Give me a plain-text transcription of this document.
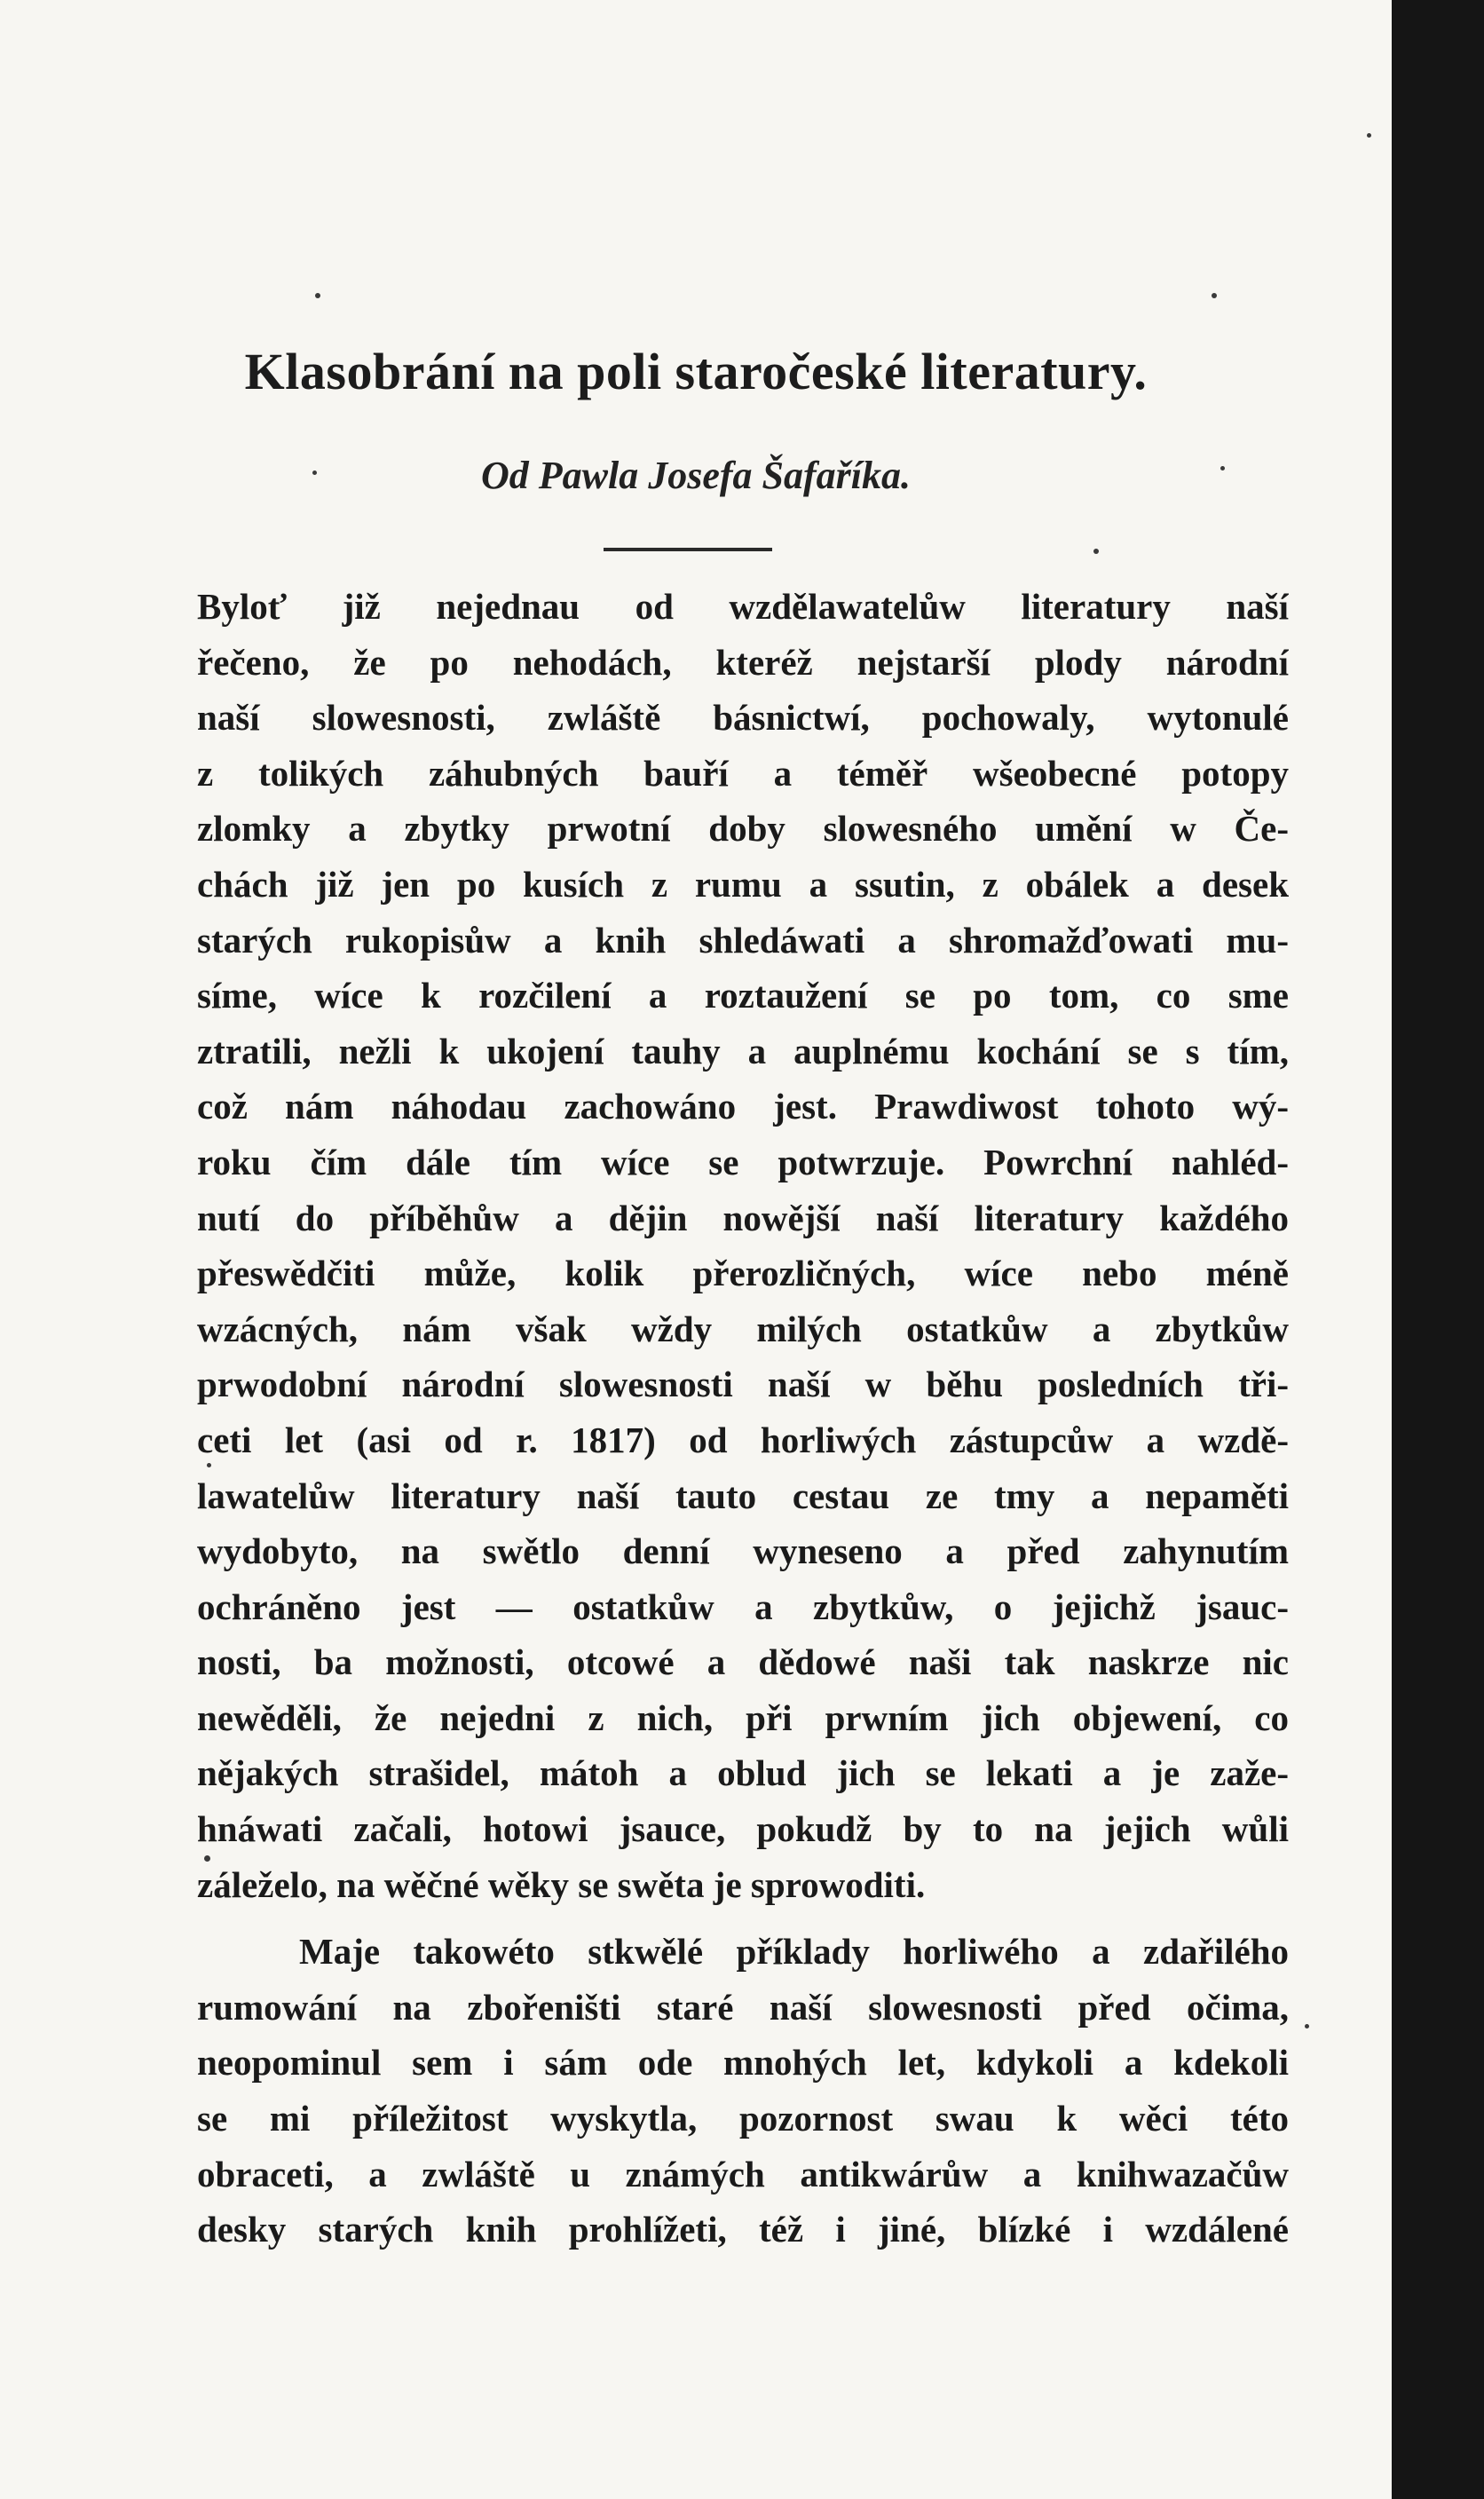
Klasobrání na poli staročeské literatury.
Od Pawla Josefa Šafaříka.
Byloť již nejednau od wzdělawatelůw literatury naší
řečeno, že po nehodách, kteréž nejstarší plody národní
naší slowesnosti, zwláště básnictwí, pochowaly, wytonulé
z tolikých záhubných bauří a téměř wšeobecné potopy
zlomky a zbytky prwotní doby slowesného umění w Če-
chách již jen po kusích z rumu a ssutin, z obálek a desek
starých rukopisůw a knih shledáwati a shromažďowati mu-
síme, wíce k rozčilení a roztaužení se po tom, co sme
ztratili, nežli k ukojení tauhy a auplnému kochání se s tím,
což nám náhodau zachowáno jest. Prawdiwost tohoto wý-
roku čím dále tím wíce se potwrzuje. Powrchní nahléd-
nutí do příběhůw a dějin nowější naší literatury každého
přeswědčiti může, kolik přerozličných, wíce nebo méně
wzácných, nám však wždy milých ostatkůw a zbytkůw
prwodobní národní slowesnosti naší w běhu posledních tři-
ceti let (asi od r. 1817) od horliwých zástupcůw a wzdě-
lawatelůw literatury naší tauto cestau ze tmy a nepaměti
wydobyto, na swětlo denní wyneseno a před zahynutím
ochráněno jest — ostatkůw a zbytkůw, o jejichž jsauc-
nosti, ba možnosti, otcowé a dědowé naši tak naskrze nic
newěděli, že nejedni z nich, při prwním jich objewení, co
nějakých strašidel, mátoh a oblud jich se lekati a je zaže-
hnáwati začali, hotowi jsauce, pokudž by to na jejich wůli
záleželo, na wěčné wěky se swěta je sprowoditi.
Maje takowéto stkwělé příklady horliwého a zdařilého
rumowání na zbořeništi staré naší slowesnosti před očima,
neopominul sem i sám ode mnohých let, kdykoli a kdekoli
se mi příležitost wyskytla, pozornost swau k wěci této
obraceti, a zwláště u známých antikwárůw a knihwazačůw
desky starých knih prohlížeti, též i jiné, blízké i wzdálené
